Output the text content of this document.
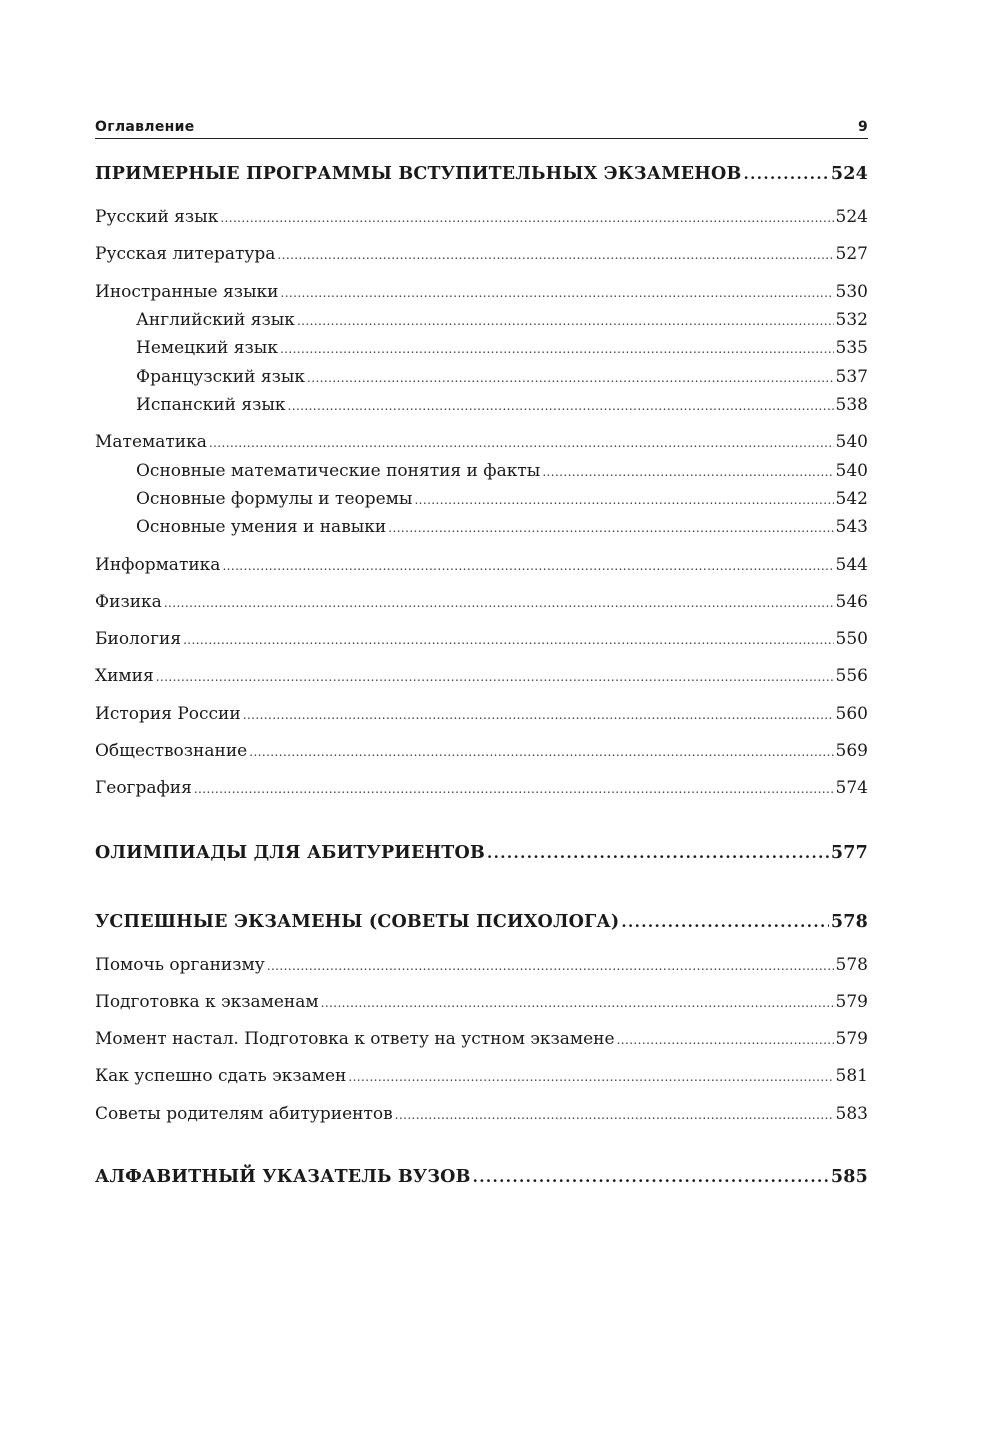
Оглавление	9
ПРИМЕРНЫЕ ПРОГРАММЫ ВСТУПИТЕЛЬНЫХ ЭКЗАМЕНОВ .....	524
Русский язык .....	524
Русская литература .....	527
Иностранные языки .....	530
Английский язык .....	532
Немецкий язык .....	535
Французский язык .....	537
Испанский язык .....	538
Математика .....	540
Основные математические понятия и факты .....	540
Основные формулы и теоремы .....	542
Основные умения и навыки .....	543
Информатика .....	544
Физика .....	546
Биология .....	550
Химия .....	556
История России .....	560
Обществознание .....	569
География .....	574
ОЛИМПИАДЫ ДЛЯ АБИТУРИЕНТОВ .....	577
УСПЕШНЫЕ ЭКЗАМЕНЫ (СОВЕТЫ ПСИХОЛОГА) .....	578
Помочь организму .....	578
Подготовка к экзаменам .....	579
Момент настал. Подготовка к ответу на устном экзамене .....	579
Как успешно сдать экзамен .....	581
Советы родителям абитуриентов .....	583
АЛФАВИТНЫЙ УКАЗАТЕЛЬ ВУЗОВ .....	585
